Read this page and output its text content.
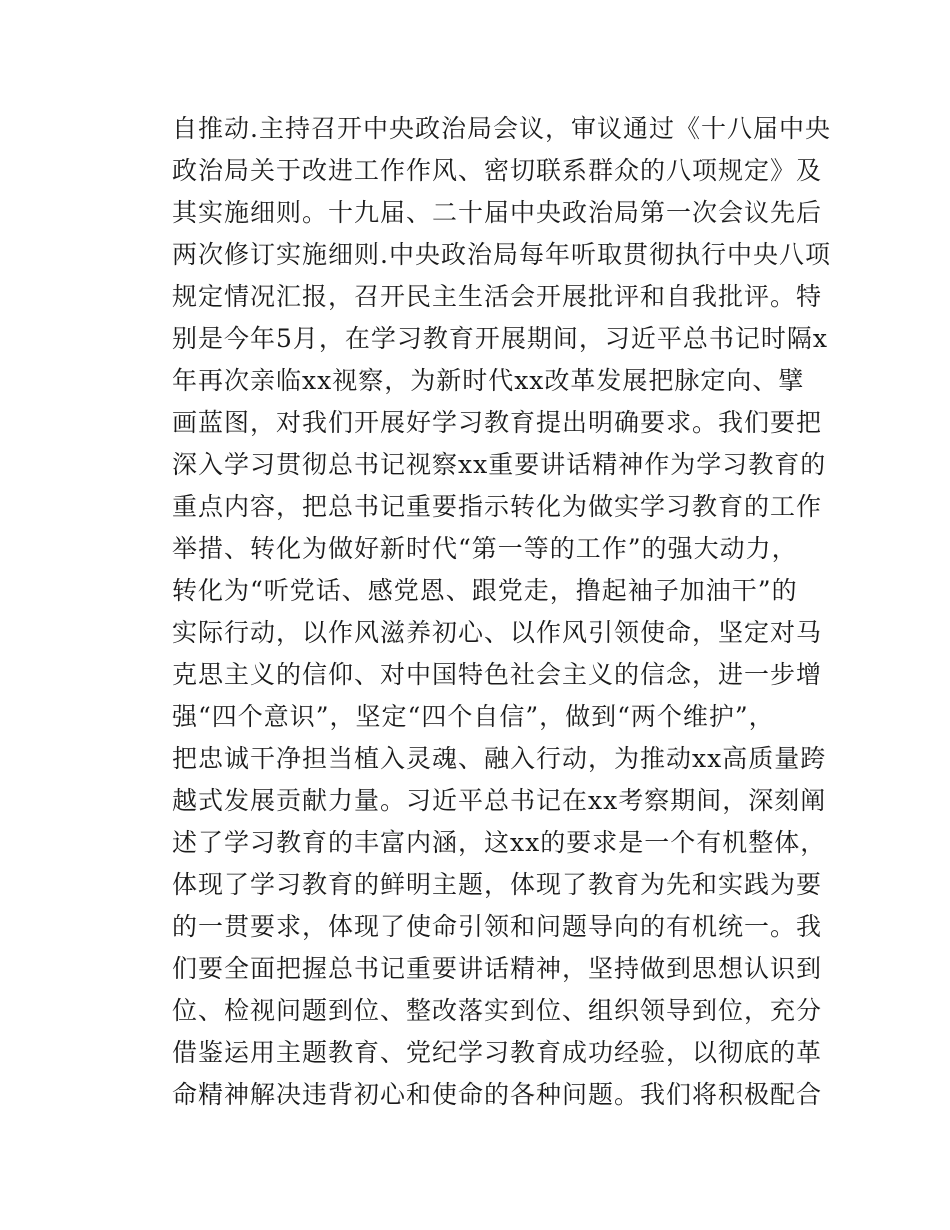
自推动.主持召开中央政治局会议，审议通过《十八届中央
政治局关于改进工作作风、密切联系群众的八项规定》及
其实施细则。十九届、二十届中央政治局第一次会议先后
两次修订实施细则.中央政治局每年听取贯彻执行中央八项
规定情况汇报，召开民主生活会开展批评和自我批评。特
别是今年5月，在学习教育开展期间，习近平总书记时隔x
年再次亲临xx视察，为新时代xx改革发展把脉定向、擘
画蓝图，对我们开展好学习教育提出明确要求。我们要把
深入学习贯彻总书记视察xx重要讲话精神作为学习教育的
重点内容，把总书记重要指示转化为做实学习教育的工作
举措、转化为做好新时代“第一等的工作”的强大动力，
转化为“听党话、感党恩、跟党走，撸起袖子加油干”的
实际行动，以作风滋养初心、以作风引领使命，坚定对马
克思主义的信仰、对中国特色社会主义的信念，进一步增
强“四个意识”，坚定“四个自信”，做到“两个维护”，
把忠诚干净担当植入灵魂、融入行动，为推动xx高质量跨
越式发展贡献力量。习近平总书记在xx考察期间，深刻阐
述了学习教育的丰富内涵，这xx的要求是一个有机整体，
体现了学习教育的鲜明主题，体现了教育为先和实践为要
的一贯要求，体现了使命引领和问题导向的有机统一。我
们要全面把握总书记重要讲话精神，坚持做到思想认识到
位、检视问题到位、整改落实到位、组织领导到位，充分
借鉴运用主题教育、党纪学习教育成功经验，以彻底的革
命精神解决违背初心和使命的各种问题。我们将积极配合
